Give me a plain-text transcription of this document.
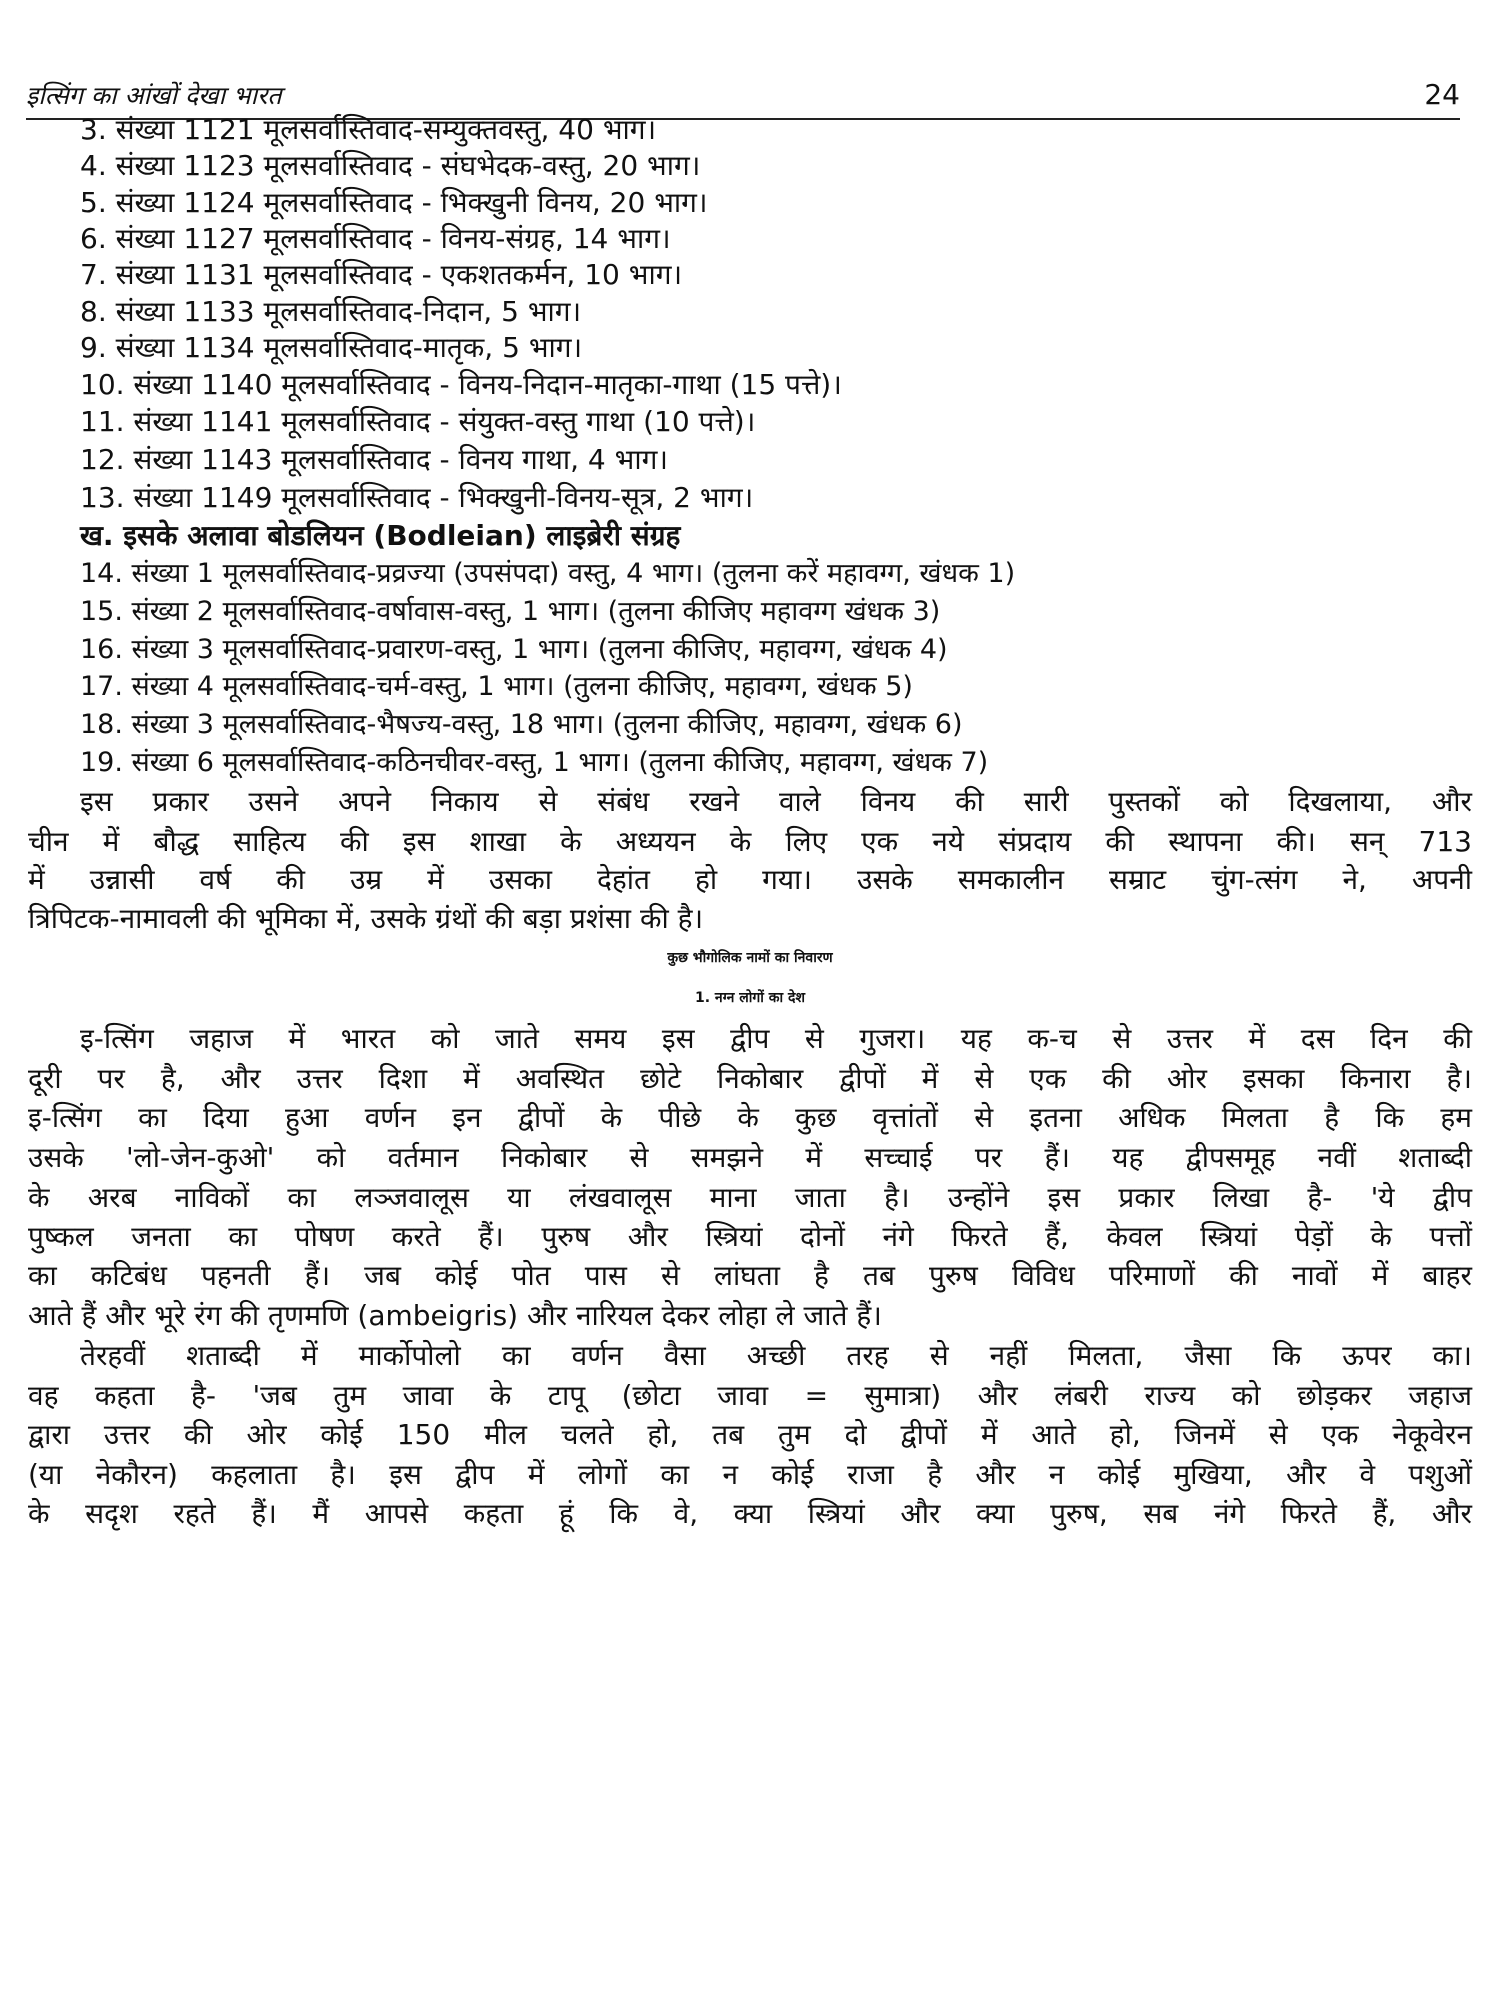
इत्सिंग का आंखों देखा भारत	24
3. संख्या 1121 मूलसर्वास्तिवाद-सम्युक्तवस्तु, 40 भाग।
4. संख्या 1123 मूलसर्वास्तिवाद - संघभेदक-वस्तु, 20 भाग।
5. संख्या 1124 मूलसर्वास्तिवाद - भिक्खुनी विनय, 20 भाग।
6. संख्या 1127 मूलसर्वास्तिवाद - विनय-संग्रह, 14 भाग।
7. संख्या 1131 मूलसर्वास्तिवाद - एकशतकर्मन, 10 भाग।
8. संख्या 1133 मूलसर्वास्तिवाद-निदान, 5 भाग।
9. संख्या 1134 मूलसर्वास्तिवाद-मातृक, 5 भाग।
10. संख्या 1140 मूलसर्वास्तिवाद - विनय-निदान-मातृका-गाथा (15 पत्ते)।
11. संख्या 1141 मूलसर्वास्तिवाद - संयुक्त-वस्तु गाथा (10 पत्ते)।
12. संख्या 1143 मूलसर्वास्तिवाद - विनय गाथा, 4 भाग।
13. संख्या 1149 मूलसर्वास्तिवाद - भिक्खुनी-विनय-सूत्र, 2 भाग।
ख. इसके अलावा बोडलियन (Bodleian) लाइब्रेरी संग्रह
14. संख्या 1 मूलसर्वास्तिवाद-प्रव्रज्या (उपसंपदा) वस्तु, 4 भाग। (तुलना करें महावग्ग, खंधक 1)
15. संख्या 2 मूलसर्वास्तिवाद-वर्षावास-वस्तु, 1 भाग। (तुलना कीजिए महावग्ग खंधक 3)
16. संख्या 3 मूलसर्वास्तिवाद-प्रवारण-वस्तु, 1 भाग। (तुलना कीजिए, महावग्ग, खंधक 4)
17. संख्या 4 मूलसर्वास्तिवाद-चर्म-वस्तु, 1 भाग। (तुलना कीजिए, महावग्ग, खंधक 5)
18. संख्या 3 मूलसर्वास्तिवाद-भैषज्य-वस्तु, 18 भाग। (तुलना कीजिए, महावग्ग, खंधक 6)
19. संख्या 6 मूलसर्वास्तिवाद-कठिनचीवर-वस्तु, 1 भाग। (तुलना कीजिए, महावग्ग, खंधक 7)
इस प्रकार उसने अपने निकाय से संबंध रखने वाले विनय की सारी पुस्तकों को दिखलाया, और
चीन में बौद्ध साहित्य की इस शाखा के अध्ययन के लिए एक नये संप्रदाय की स्थापना की। सन् 713
में उन्नासी वर्ष की उम्र में उसका देहांत हो गया। उसके समकालीन सम्राट चुंग-त्संग ने, अपनी
त्रिपिटक-नामावली की भूमिका में, उसके ग्रंथों की बड़ा प्रशंसा की है।
कुछ भौगोलिक नामों का निवारण
1. नग्न लोगों का देश
इ-त्सिंग जहाज में भारत को जाते समय इस द्वीप से गुजरा। यह क-च से उत्तर में दस दिन की
दूरी पर है, और उत्तर दिशा में अवस्थित छोटे निकोबार द्वीपों में से एक की ओर इसका किनारा है।
इ-त्सिंग का दिया हुआ वर्णन इन द्वीपों के पीछे के कुछ वृत्तांतों से इतना अधिक मिलता है कि हम
उसके 'लो-जेन-कुओ' को वर्तमान निकोबार से समझने में सच्चाई पर हैं। यह द्वीपसमूह नवीं शताब्दी
के अरब नाविकों का लञ्जवालूस या लंखवालूस माना जाता है। उन्होंने इस प्रकार लिखा है- 'ये द्वीप
पुष्कल जनता का पोषण करते हैं। पुरुष और स्त्रियां दोनों नंगे फिरते हैं, केवल स्त्रियां पेड़ों के पत्तों
का कटिबंध पहनती हैं। जब कोई पोत पास से लांघता है तब पुरुष विविध परिमाणों की नावों में बाहर
आते हैं और भूरे रंग की तृणमणि (ambeigris) और नारियल देकर लोहा ले जाते हैं।
तेरहवीं शताब्दी में मार्कोपोलो का वर्णन वैसा अच्छी तरह से नहीं मिलता, जैसा कि ऊपर का।
वह कहता है- 'जब तुम जावा के टापू (छोटा जावा = सुमात्रा) और लंबरी राज्य को छोड़कर जहाज
द्वारा उत्तर की ओर कोई 150 मील चलते हो, तब तुम दो द्वीपों में आते हो, जिनमें से एक नेकूवेरन
(या नेकौरन) कहलाता है। इस द्वीप में लोगों का न कोई राजा है और न कोई मुखिया, और वे पशुओं
के सदृश रहते हैं। मैं आपसे कहता हूं कि वे, क्या स्त्रियां और क्या पुरुष, सब नंगे फिरते हैं, और
